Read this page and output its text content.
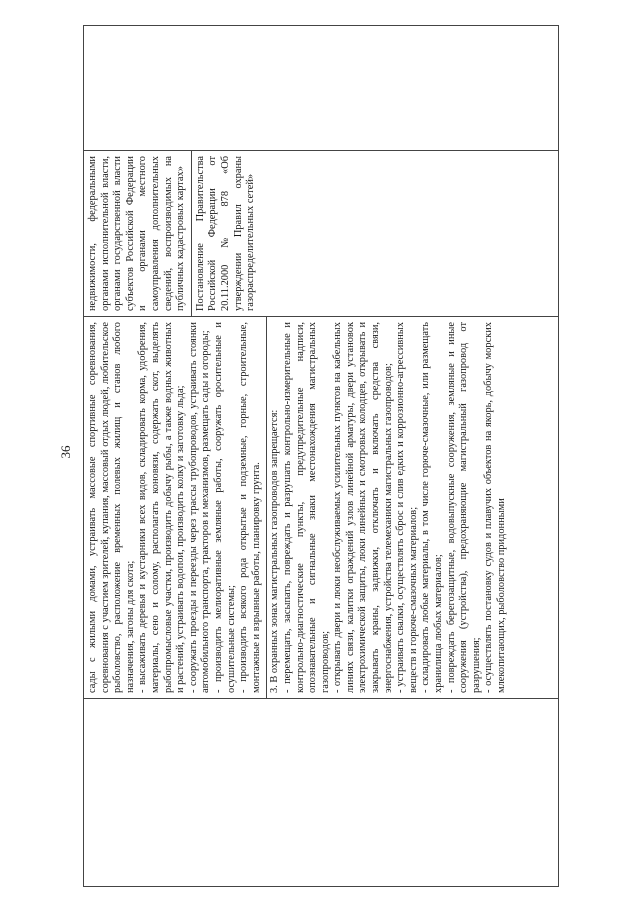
36 сады с жилыми домами, устраивать массовые спортивные соревнования, соревнования с участием зрителей, купания, массовый отдых людей, любительское рыболовство, расположение временных полевых жилищ и станов любого назначения, загоны для скота; - высаживать деревья и кустарники всех видов, складировать корма, удобрения, материалы, сено и солому, располагать коновязи, содержать скот, выделять рыбопромысловые участки, производить добычу рыбы, а также водных животных и растений, устраивать водопои, производить колку и заготовку льда; - сооружать проезды и переезды через трассы трубопроводов, устраивать стоянки автомобильного транспорта, тракторов и механизмов, размещать сады и огороды; - производить мелиоративные земляные работы, сооружать оросительные и осушительные системы; - производить всякого рода открытые и подземные, горные, строительные, монтажные и взрывные работы, планировку грунта. 3. В охранных зонах магистральных газопроводов запрещается: - перемещать, засыпать, повреждать и разрушать контрольно-измерительные и контрольно-диагностические пункты, предупредительные надписи, опознавательные и сигнальные знаки местонахождения магистральных газопроводов; - открывать двери и люки необслуживаемых усилительных пунктов на кабельных линиях связи, калитки ограждений узлов линейной арматуры, двери установок электрохимической защиты, люки линейных и смотровых колодцев, открывать и закрывать краны, задвижки, отключать и включать средства связи, энергоснабжения, устройства телемеханики магистральных газопроводов; - устраивать свалки, осуществлять сброс и слив едких и коррозионно-агрессивных веществ и горюче-смазочных материалов; - складировать любые материалы, в том числе горюче-смазочные, или размещать хранилища любых материалов; - повреждать берегозащитные, водовыпускные сооружения, земляные и иные сооружения (устройства), предохраняющие магистральный газопровод от разрушения; - осуществлять постановку судов и плавучих объектов на якорь, добычу морских млекопитающих, рыболовство придонными

недвижимости, федеральными органами исполнительной власти, органами государственной власти субъектов Российской Федерации и органами местного самоуправления дополнительных сведений, воспроизводимых на публичных кадастровых картах» Постановление Правительства Российской Федерации от 20.11.2000 № 878 «Об утверждении Правил охраны газораспределительных сетей»
